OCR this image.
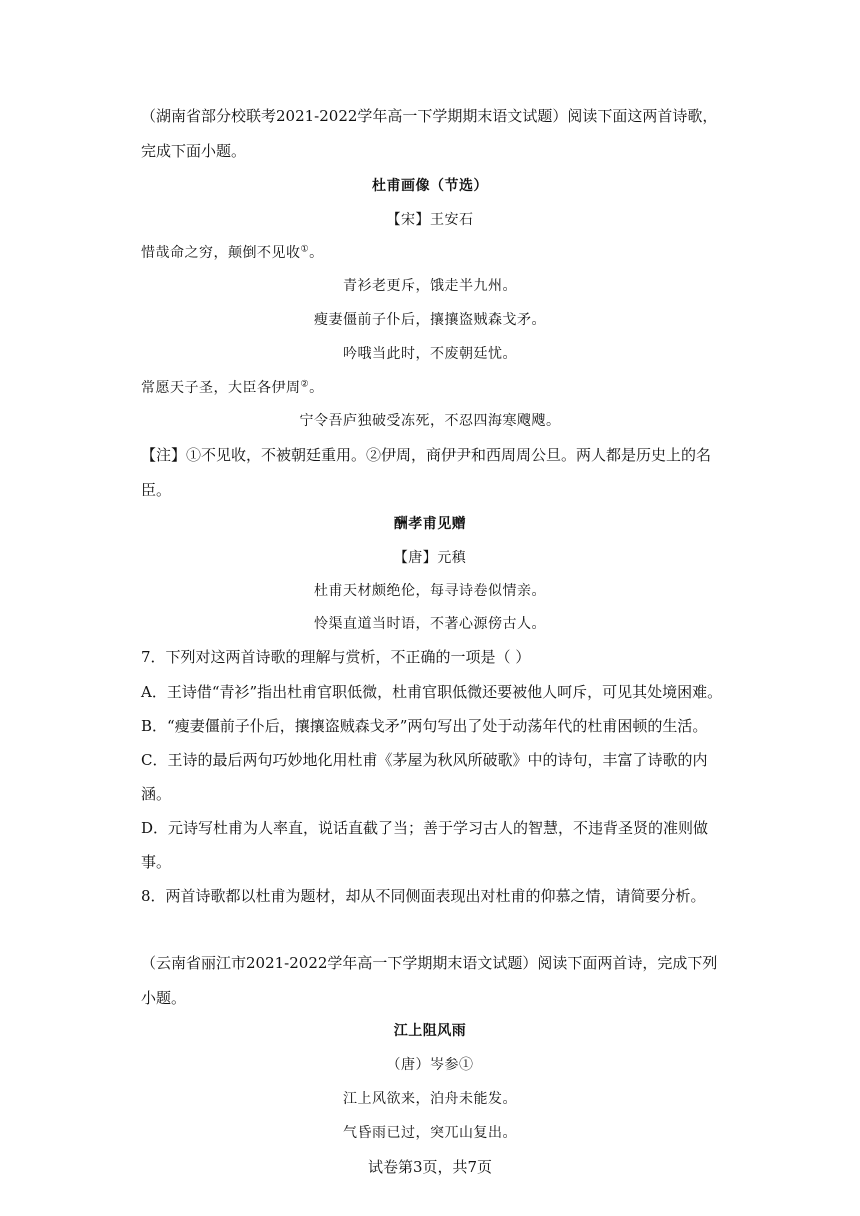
（湖南省部分校联考2021-2022学年高一下学期期末语文试题）阅读下面这两首诗歌，
完成下面小题。
杜甫画像（节选）
【宋】王安石
惜哉命之穷，颠倒不见收①。
青衫老更斥，饿走半九州。
瘦妻僵前子仆后，攘攘盗贼森戈矛。
吟哦当此时，不废朝廷忧。
常愿天子圣，大臣各伊周②。
宁令吾庐独破受冻死，不忍四海寒飕飕。
【注】①不见收，不被朝廷重用。②伊周，商伊尹和西周周公旦。两人都是历史上的名
臣。
酬孝甫见赠
【唐】元稹
杜甫天材颇绝伦，每寻诗卷似情亲。
怜渠直道当时语，不著心源傍古人。
7．下列对这两首诗歌的理解与赏析，不正确的一项是（ ）
A．王诗借“青衫”指出杜甫官职低微，杜甫官职低微还要被他人呵斥，可见其处境困难。
B．“瘦妻僵前子仆后，攘攘盗贼森戈矛”两句写出了处于动荡年代的杜甫困顿的生活。
C．王诗的最后两句巧妙地化用杜甫《茅屋为秋风所破歌》中的诗句，丰富了诗歌的内
涵。
D．元诗写杜甫为人率直，说话直截了当；善于学习古人的智慧，不违背圣贤的准则做
事。
8．两首诗歌都以杜甫为题材，却从不同侧面表现出对杜甫的仰慕之情，请简要分析。
（云南省丽江市2021-2022学年高一下学期期末语文试题）阅读下面两首诗，完成下列
小题。
江上阻风雨
（唐）岑参①
江上风欲来，泊舟未能发。
气昏雨已过，突兀山复出。
试卷第3页，共7页
